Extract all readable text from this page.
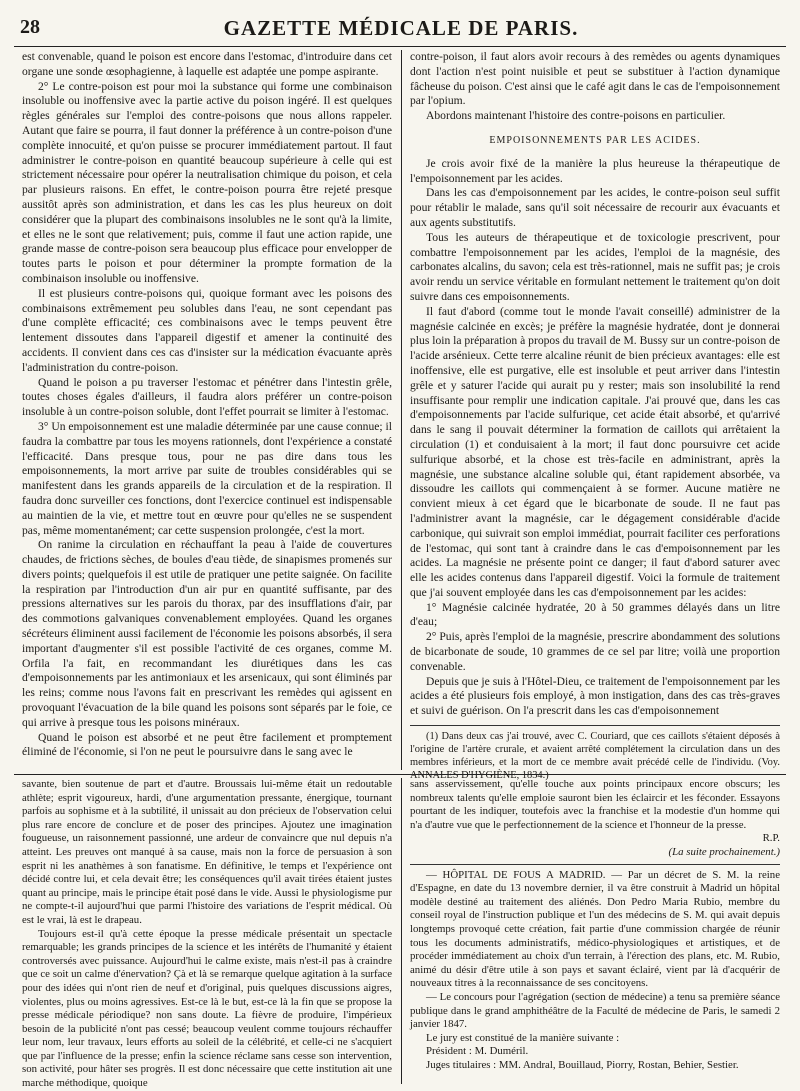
28	GAZETTE MÉDICALE DE PARIS.

est convenable, quand le poison est encore dans l'estomac, d'introduire dans cet organe une sonde œsophagienne, à laquelle est adaptée une pompe aspirante.

2° Le contre-poison est pour moi la substance qui forme une combinaison insoluble ou inoffensive avec la partie active du poison ingéré. Il est quelques règles générales sur l'emploi des contre-poisons que nous allons rappeler. Autant que faire se pourra, il faut donner la préférence à un contre-poison d'une complète innocuité, et qu'on puisse se procurer immédiatement partout. Il faut administrer le contre-poison en quantité beaucoup supérieure à celle qui est strictement nécessaire pour opérer la neutralisation chimique du poison, et cela par plusieurs raisons. En effet, le contre-poison pourra être rejeté presque aussitôt après son administration, et dans les cas les plus heureux on doit considérer que la plupart des combinaisons insolubles ne le sont qu'à la limite, et elles ne le sont que relativement; puis, comme il faut une action rapide, une grande masse de contre-poison sera beaucoup plus efficace pour envelopper de toutes parts le poison et pour déterminer la prompte formation de la combinaison insoluble ou inoffensive.

Il est plusieurs contre-poisons qui, quoique formant avec les poisons des combinaisons extrêmement peu solubles dans l'eau, ne sont cependant pas d'une complète efficacité; ces combinaisons avec le temps peuvent être lentement dissoutes dans l'appareil digestif et amener la continuité des accidents. Il convient dans ces cas d'insister sur la médication évacuante après l'administration du contre-poison.

Quand le poison a pu traverser l'estomac et pénétrer dans l'intestin grêle, toutes choses égales d'ailleurs, il faudra alors préférer un contre-poison insoluble à un contre-poison soluble, dont l'effet pourrait se limiter à l'estomac.

3° Un empoisonnement est une maladie déterminée par une cause connue; il faudra la combattre par tous les moyens rationnels, dont l'expérience a constaté l'efficacité. Dans presque tous, pour ne pas dire dans tous les empoisonnements, la mort arrive par suite de troubles considérables qui se manifestent dans les grands appareils de la circulation et de la respiration. Il faudra donc surveiller ces fonctions, dont l'exercice continuel est indispensable au maintien de la vie, et mettre tout en œuvre pour qu'elles ne se suspendent pas, même momentanément; car cette suspension prolongée, c'est la mort.

On ranime la circulation en réchauffant la peau à l'aide de couvertures chaudes, de frictions sèches, de boules d'eau tiède, de sinapismes promenés sur divers points; quelquefois il est utile de pratiquer une petite saignée. On facilite la respiration par l'introduction d'un air pur en quantité suffisante, par des pressions alternatives sur les parois du thorax, par des insufflations d'air, par des commotions galvaniques convenablement employées. Quand les organes sécréteurs éliminent aussi facilement de l'économie les poisons absorbés, il sera important d'augmenter s'il est possible l'activité de ces organes, comme M. Orfila l'a fait, en recommandant les diurétiques dans les cas d'empoisonnements par les antimoniaux et les arsenicaux, qui sont éliminés par les reins; comme nous l'avons fait en prescrivant les remèdes qui agissent en provoquant l'évacuation de la bile quand les poisons sont séparés par le foie, ce qui arrive à presque tous les poisons minéraux.

Quand le poison est absorbé et ne peut être facilement et promptement éliminé de l'économie, si l'on ne peut le poursuivre dans le sang avec le

contre-poison, il faut alors avoir recours à des remèdes ou agents dynamiques dont l'action n'est point nuisible et peut se substituer à l'action dynamique fâcheuse du poison. C'est ainsi que le café agit dans le cas de l'empoisonnement par l'opium.

Abordons maintenant l'histoire des contre-poisons en particulier.

EMPOISONNEMENTS PAR LES ACIDES.

Je crois avoir fixé de la manière la plus heureuse la thérapeutique de l'empoisonnement par les acides.

Dans les cas d'empoisonnement par les acides, le contre-poison seul suffit pour rétablir le malade, sans qu'il soit nécessaire de recourir aux évacuants et aux agents substitutifs.

Tous les auteurs de thérapeutique et de toxicologie prescrivent, pour combattre l'empoisonnement par les acides, l'emploi de la magnésie, des carbonates alcalins, du savon; cela est très-rationnel, mais ne suffit pas; je crois avoir rendu un service véritable en formulant nettement le traitement qu'on doit suivre dans ces empoisonnements.

Il faut d'abord (comme tout le monde l'avait conseillé) administrer de la magnésie calcinée en excès; je préfère la magnésie hydratée, dont je donnerai plus loin la préparation à propos du travail de M. Bussy sur un contre-poison de l'acide arsénieux. Cette terre alcaline réunit de bien précieux avantages: elle est inoffensive, elle est purgative, elle est insoluble et peut arriver dans l'intestin grêle et y saturer l'acide qui aurait pu y rester; mais son insolubilité la rend insuffisante pour remplir une indication capitale. J'ai prouvé que, dans les cas d'empoisonnements par l'acide sulfurique, cet acide était absorbé, et qu'arrivé dans le sang il pouvait déterminer la formation de caillots qui arrêtaient la circulation (1) et conduisaient à la mort; il faut donc poursuivre cet acide sulfurique absorbé, et la chose est très-facile en administrant, après la magnésie, une substance alcaline soluble qui, étant rapidement absorbée, va dissoudre les caillots qui commençaient à se former. Aucune matière ne convient mieux à cet égard que le bicarbonate de soude. Il ne faut pas l'administrer avant la magnésie, car le dégagement considérable d'acide carbonique, qui suivrait son emploi immédiat, pourrait faciliter ces perforations de l'estomac, qui sont tant à craindre dans le cas d'empoisonnement par les acides. La magnésie ne présente point ce danger; il faut d'abord saturer avec elle les acides contenus dans l'appareil digestif. Voici la formule de traitement que j'ai souvent employée dans les cas d'empoisonnement par les acides:

1° Magnésie calcinée hydratée, 20 à 50 grammes délayés dans un litre d'eau;

2° Puis, après l'emploi de la magnésie, prescrire abondamment des solutions de bicarbonate de soude, 10 grammes de ce sel par litre; voilà une proportion convenable.

Depuis que je suis à l'Hôtel-Dieu, ce traitement de l'empoisonnement par les acides a été plusieurs fois employé, à mon instigation, dans des cas très-graves et suivi de guérison. On l'a prescrit dans les cas d'empoisonnement

(1) Dans deux cas j'ai trouvé, avec C. Couriard, que ces caillots s'étaient déposés à l'origine de l'artère crurale, et avaient arrêté complétement la circulation dans un des membres inférieurs, et la mort de ce membre avait précédé celle de l'individu. (Voy. ANNALES D'HYGIÈNE, 1834.)

savante, bien soutenue de part et d'autre. Broussais lui-même était un redoutable athlète; esprit vigoureux, hardi, d'une argumentation pressante, énergique, tournant parfois au sophisme et à la subtilité, il unissait au don précieux de l'observation celui plus rare encore de conclure et de poser des principes. Ajoutez une imagination fougueuse, un raisonnement passionné, une ardeur de convaincre que nul depuis n'a atteint. Les preuves ont manqué à sa cause, mais non la force de persuasion à son esprit ni les anathèmes à son fanatisme. En définitive, le temps et l'expérience ont décidé contre lui, et cela devait être; les conséquences qu'il avait tirées étaient justes quant au principe, mais le principe était posé dans le vide. Aussi le physiologisme pur ne compte-t-il aujourd'hui que parmi l'histoire des variations de l'esprit médical. Où est le vrai, là est le drapeau.

Toujours est-il qu'à cette époque la presse médicale présentait un spectacle remarquable; les grands principes de la science et les intérêts de l'humanité y étaient controversés avec puissance. Aujourd'hui le calme existe, mais n'est-il pas à craindre que ce soit un calme d'énervation? Çà et là se remarque quelque agitation à la surface pour des idées qui n'ont rien de neuf et d'original, puis quelques discussions aigres, violentes, plus ou moins agressives. Est-ce là le but, est-ce là la fin que se propose la presse médicale périodique? non sans doute. La fièvre de produire, l'impérieux besoin de la publicité n'ont pas cessé; beaucoup veulent comme toujours réchauffer leur nom, leur travaux, leurs efforts au soleil de la célébrité, et celle-ci ne s'acquiert que par l'influence de la presse; enfin la science réclame sans cesse son intervention, son activité, pour hâter ses progrès. Il est donc nécessaire que cette institution ait une marche méthodique, quoique

sans asservissement, qu'elle touche aux points principaux encore obscurs; les nombreux talents qu'elle emploie sauront bien les éclaircir et les féconder. Essayons pourtant de les indiquer, toutefois avec la franchise et la modestie d'un homme qui n'a d'autre vue que le perfectionnement de la science et l'honneur de la presse.

R.P.

(La suite prochainement.)

— HÔPITAL DE FOUS A MADRID. — Par un décret de S. M. la reine d'Espagne, en date du 13 novembre dernier, il va être construit à Madrid un hôpital modèle destiné au traitement des aliénés. Don Pedro Maria Rubio, membre du conseil royal de l'instruction publique et l'un des médecins de S. M. qui avait depuis longtemps provoqué cette création, fait partie d'une commission chargée de réunir tous les documents administratifs, médico-physiologiques et artistiques, et de procéder immédiatement au choix d'un terrain, à l'érection des plans, etc. M. Rubio, animé du désir d'être utile à son pays et savant éclairé, vient par là d'acquérir de nouveaux titres à la reconnaissance de ses concitoyens.

— Le concours pour l'agrégation (section de médecine) a tenu sa première séance publique dans le grand amphithéâtre de la Faculté de médecine de Paris, le samedi 2 janvier 1847.

Le jury est constitué de la manière suivante :

Président : M. Duméril.

Juges titulaires : MM. Andral, Bouillaud, Piorry, Rostan, Behier, Sestier.
